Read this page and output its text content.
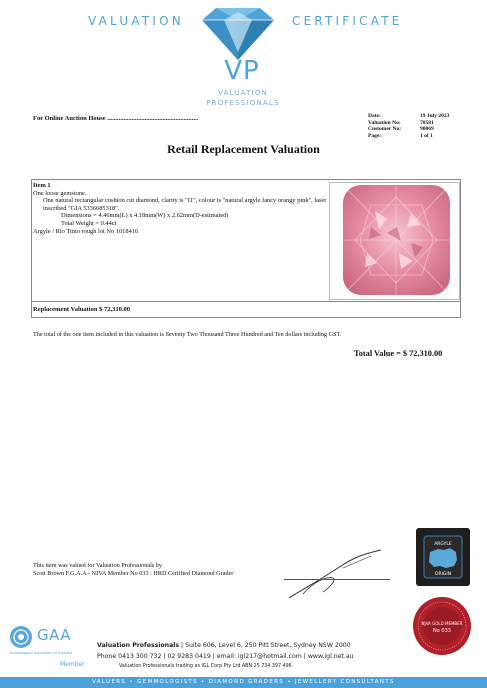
VALUATION	CERTIFICATE
VP
VALUATION
PROFESSIONALS
For Online Auction House ........................................................	Date:	19 July 2023
Valuation No:	78581
Customer No:	90069
Page:	1 of 1
Retail Replacement Valuation
Item 1
One loose gemstone.
One natural rectangular cushion cut diamond, clarity is "I1", colour is "natural argyle fancy orangy pink", laser inscribed "GIA 5336685318".
Dimensions = 4.46mm(L) x 4.18mm(W) x 2.62mm(D-estimated)
Total Weight = 0.44ct
Argyle / Rio Tinto rough lot No 1018416
Replacement Valuation $ 72,310.00
The total of the one item included in this valuation is Seventy Two Thousand Three Hundred and Ten dollars including GST.
Total Value = $ 72,310.00
This item was valued for Valuation Professionals by
Scott Brown F.G.A.A - NJVA Member No 033 : HRD Certified Diamond Grader
ARGYLE
ORIGIN
NJVA GOLD MEMBER
No 033
GAA
Gemmological Association of Australia
Member
Valuation Professionals | Suite 606, Level 6, 250 Pitt Street, Sydney NSW 2000
Phone 0413 300 732 | 02 9283 0419 | email: igl217@hotmail.com | www.igl.net.au
Valuation Professionals trading as IGL Corp Pty Ltd ABN 25 734 397 496
VALUERS • GEMMOLOGISTS • DIAMOND GRADERS • JEWELLERY CONSULTANTS
